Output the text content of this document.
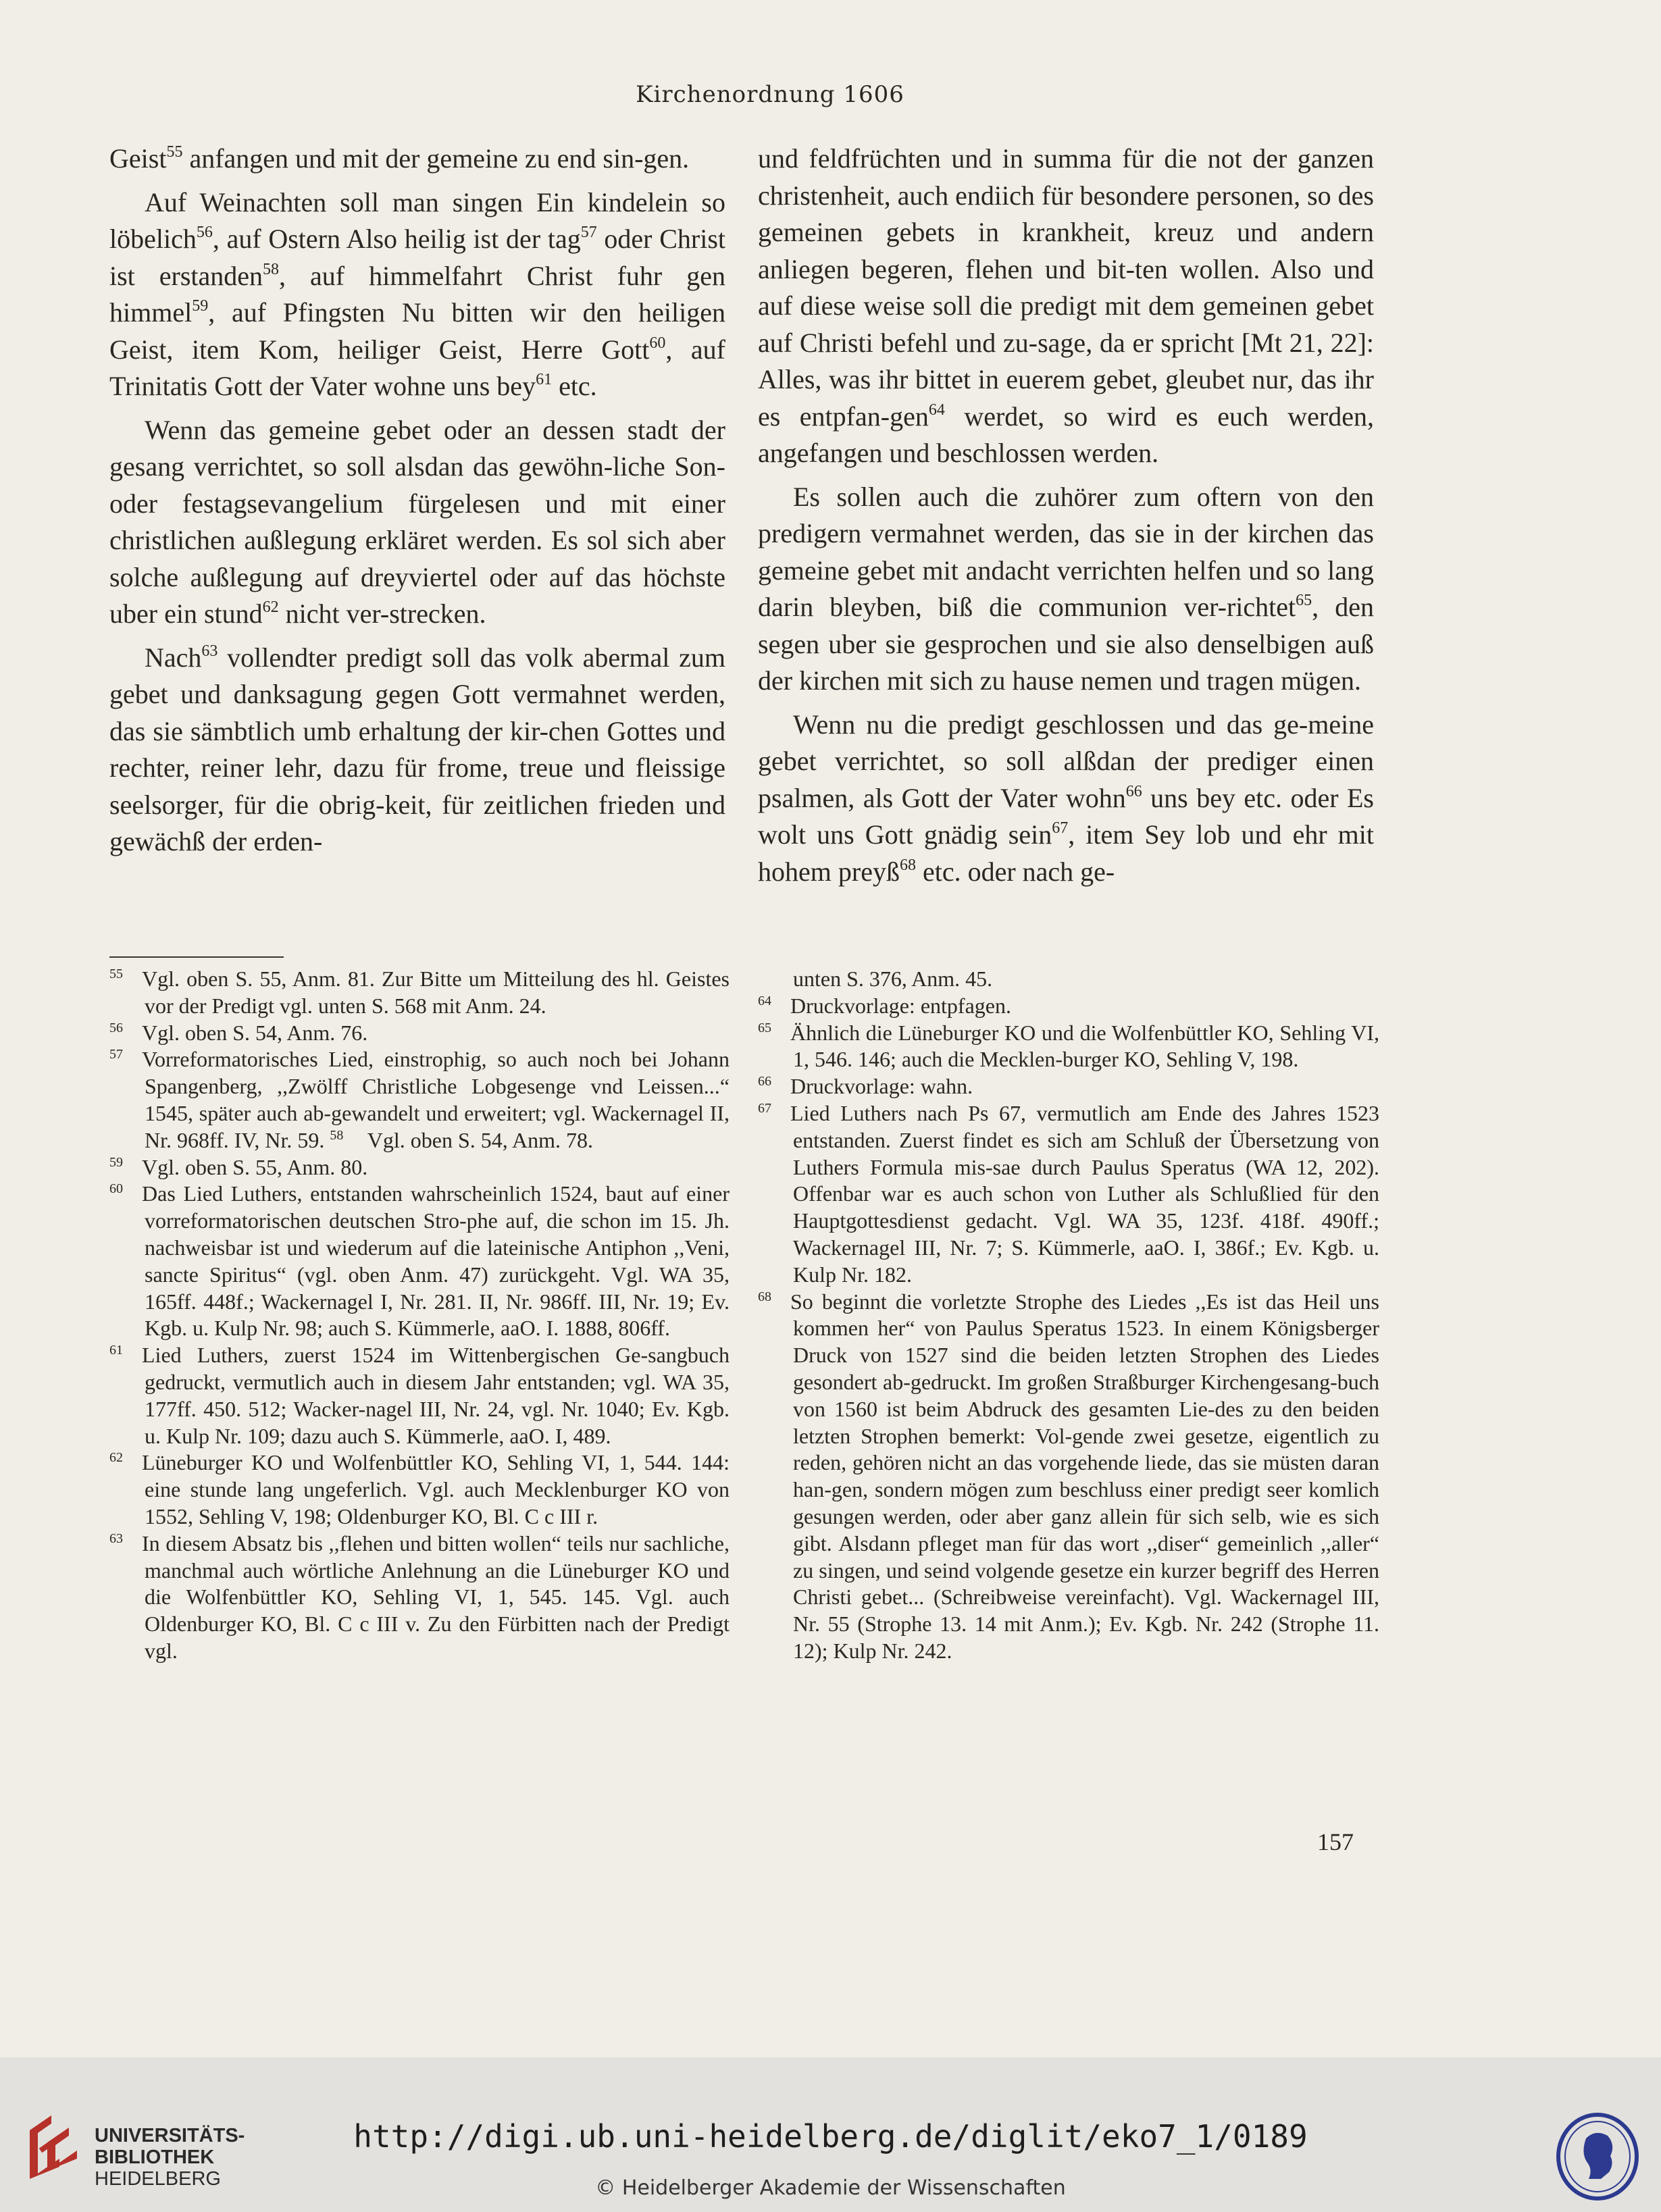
Kirchenordnung 1606

Geist$^{55}$ anfangen und mit der gemeine zu end sin-gen.

Auf Weinachten soll man singen Ein kindelein so löbelich$^{56}$, auf Ostern Also heilig ist der tag$^{57}$ oder Christ ist erstanden$^{58}$, auf himmelfahrt Christ fuhr gen himmel$^{59}$, auf Pfingsten Nu bitten wir den heiligen Geist, item Kom, heiliger Geist, Herre Gott$^{60}$, auf Trinitatis Gott der Vater wohne uns bey$^{61}$ etc.

Wenn das gemeine gebet oder an dessen stadt der gesang verrichtet, so soll alsdan das gewöhn-liche Son- oder festagsevangelium fürgelesen und mit einer christlichen außlegung erkläret werden. Es sol sich aber solche außlegung auf dreyviertel oder auf das höchste uber ein stund$^{62}$ nicht ver-strecken.

Nach$^{63}$ vollendter predigt soll das volk abermal zum gebet und danksagung gegen Gott vermahnet werden, das sie sämbtlich umb erhaltung der kir-chen Gottes und rechter, reiner lehr, dazu für frome, treue und fleissige seelsorger, für die obrig-keit, für zeitlichen frieden und gewächß der erden-

und feldfrüchten und in summa für die not der ganzen christenheit, auch endiich für besondere personen, so des gemeinen gebets in krankheit, kreuz und andern anliegen begeren, flehen und bit-ten wollen. Also und auf diese weise soll die predigt mit dem gemeinen gebet auf Christi befehl und zu-sage, da er spricht [Mt 21, 22]: Alles, was ihr bittet in euerem gebet, gleubet nur, das ihr es entpfan-gen$^{64}$ werdet, so wird es euch werden, angefangen und beschlossen werden.

Es sollen auch die zuhörer zum oftern von den predigern vermahnet werden, das sie in der kirchen das gemeine gebet mit andacht verrichten helfen und so lang darin bleyben, biß die communion ver-richtet$^{65}$, den segen uber sie gesprochen und sie also denselbigen auß der kirchen mit sich zu hause nemen und tragen mügen.

Wenn nu die predigt geschlossen und das ge-meine gebet verrichtet, so soll alßdan der prediger einen psalmen, als Gott der Vater wohn$^{66}$ uns bey etc. oder Es wolt uns Gott gnädig sein$^{67}$, item Sey lob und ehr mit hohem preyß$^{68}$ etc. oder nach ge-

$^{55}$ Vgl. oben S. 55, Anm. 81. Zur Bitte um Mitteilung des hl. Geistes vor der Predigt vgl. unten S. 568 mit Anm. 24.

$^{56}$ Vgl. oben S. 54, Anm. 76.

$^{57}$ Vorreformatorisches Lied, einstrophig, so auch noch bei Johann Spangenberg, ,,Zwölff Christliche Lobgesenge vnd Leissen...“ 1545, später auch ab-gewandelt und erweitert; vgl. Wackernagel II, Nr. 968ff. IV, Nr. 59. $^{58}$ Vgl. oben S. 54, Anm. 78.

$^{59}$ Vgl. oben S. 55, Anm. 80.

$^{60}$ Das Lied Luthers, entstanden wahrscheinlich 1524, baut auf einer vorreformatorischen deutschen Stro-phe auf, die schon im 15. Jh. nachweisbar ist und wiederum auf die lateinische Antiphon ,,Veni, sancte Spiritus“ (vgl. oben Anm. 47) zurückgeht. Vgl. WA 35, 165ff. 448f.; Wackernagel I, Nr. 281. II, Nr. 986ff. III, Nr. 19; Ev. Kgb. u. Kulp Nr. 98; auch S. Kümmerle, aaO. I. 1888, 806ff.

$^{61}$ Lied Luthers, zuerst 1524 im Wittenbergischen Ge-sangbuch gedruckt, vermutlich auch in diesem Jahr entstanden; vgl. WA 35, 177ff. 450. 512; Wacker-nagel III, Nr. 24, vgl. Nr. 1040; Ev. Kgb. u. Kulp Nr. 109; dazu auch S. Kümmerle, aaO. I, 489.

$^{62}$ Lüneburger KO und Wolfenbüttler KO, Sehling VI, 1, 544. 144: eine stunde lang ungeferlich. Vgl. auch Mecklenburger KO von 1552, Sehling V, 198; Oldenburger KO, Bl. C c III r.

$^{63}$ In diesem Absatz bis ,,flehen und bitten wollen“ teils nur sachliche, manchmal auch wörtliche Anlehnung an die Lüneburger KO und die Wolfenbüttler KO, Sehling VI, 1, 545. 145. Vgl. auch Oldenburger KO, Bl. C c III v. Zu den Fürbitten nach der Predigt vgl.

unten S. 376, Anm. 45.

$^{64}$ Druckvorlage: entpfagen.

$^{65}$ Ähnlich die Lüneburger KO und die Wolfenbüttler KO, Sehling VI, 1, 546. 146; auch die Mecklen-burger KO, Sehling V, 198.

$^{66}$ Druckvorlage: wahn.

$^{67}$ Lied Luthers nach Ps 67, vermutlich am Ende des Jahres 1523 entstanden. Zuerst findet es sich am Schluß der Übersetzung von Luthers Formula mis-sae durch Paulus Speratus (WA 12, 202). Offenbar war es auch schon von Luther als Schlußlied für den Hauptgottesdienst gedacht. Vgl. WA 35, 123f. 418f. 490ff.; Wackernagel III, Nr. 7; S. Kümmerle, aaO. I, 386f.; Ev. Kgb. u. Kulp Nr. 182.

$^{68}$ So beginnt die vorletzte Strophe des Liedes ,,Es ist das Heil uns kommen her“ von Paulus Speratus 1523. In einem Königsberger Druck von 1527 sind die beiden letzten Strophen des Liedes gesondert ab-gedruckt. Im großen Straßburger Kirchengesang-buch von 1560 ist beim Abdruck des gesamten Lie-des zu den beiden letzten Strophen bemerkt: Vol-gende zwei gesetze, eigentlich zu reden, gehören nicht an das vorgehende liede, das sie müsten daran han-gen, sondern mögen zum beschluss einer predigt seer komlich gesungen werden, oder aber ganz allein für sich selb, wie es sich gibt. Alsdann pfleget man für das wort ,,diser“ gemeinlich ,,aller“ zu singen, und seind volgende gesetze ein kurzer begriff des Herren Christi gebet... (Schreibweise vereinfacht). Vgl. Wackernagel III, Nr. 55 (Strophe 13. 14 mit Anm.); Ev. Kgb. Nr. 242 (Strophe 11. 12); Kulp Nr. 242.

157
UNIVERSITÄTS-
BIBLIOTHEK
HEIDELBERG
http://digi.ub.uni-heidelberg.de/diglit/eko7_1/0189
© Heidelberger Akademie der Wissenschaften
